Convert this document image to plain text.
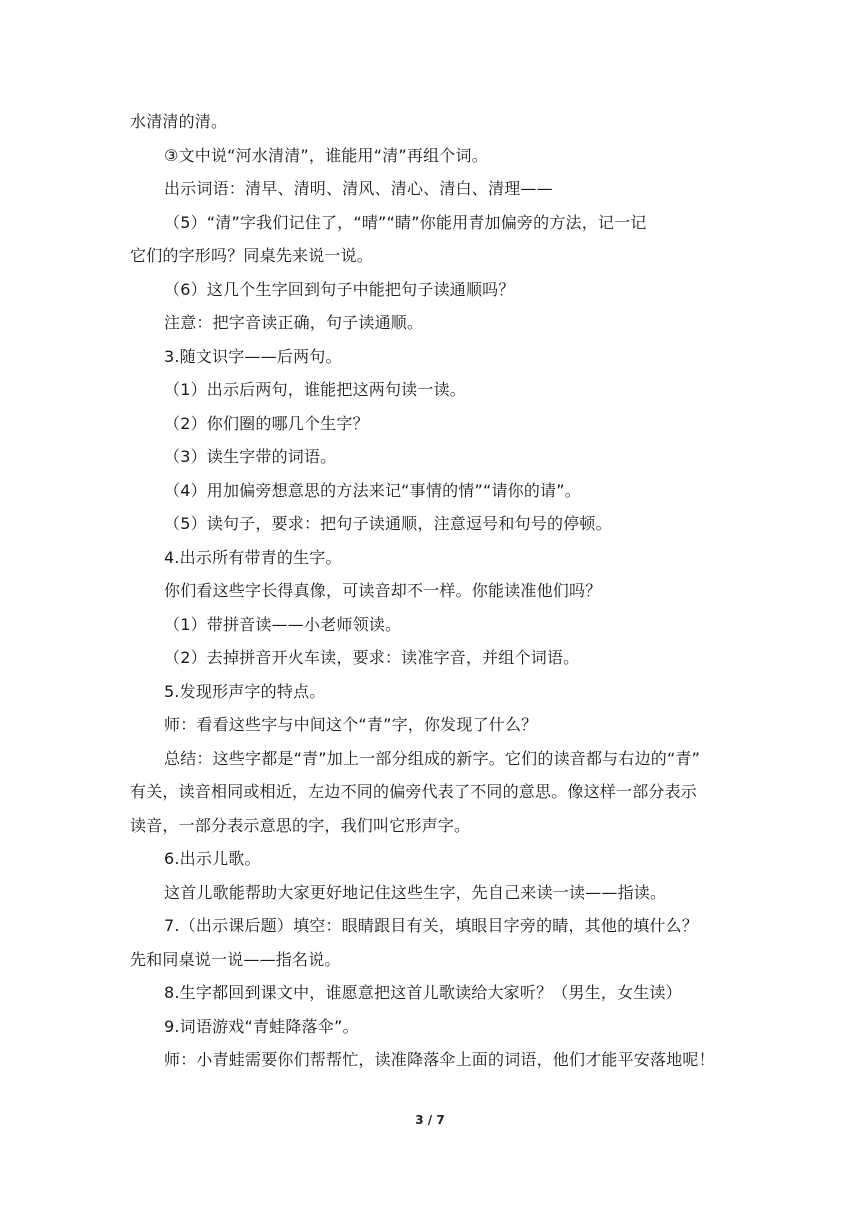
水清清的清。
③文中说“河水清清”，谁能用“清”再组个词。
出示词语：清早、清明、清风、清心、清白、清理——
（5）“清”字我们记住了，“晴”“睛”你能用青加偏旁的方法，记一记
它们的字形吗？同桌先来说一说。
（6）这几个生字回到句子中能把句子读通顺吗？
注意：把字音读正确，句子读通顺。
3.随文识字——后两句。
（1）出示后两句，谁能把这两句读一读。
（2）你们圈的哪几个生字？
（3）读生字带的词语。
（4）用加偏旁想意思的方法来记“事情的情”“请你的请”。
（5）读句子，要求：把句子读通顺，注意逗号和句号的停顿。
4.出示所有带青的生字。
你们看这些字长得真像，可读音却不一样。你能读准他们吗？
（1）带拼音读——小老师领读。
（2）去掉拼音开火车读，要求：读准字音，并组个词语。
5.发现形声字的特点。
师：看看这些字与中间这个“青”字，你发现了什么？
总结：这些字都是“青”加上一部分组成的新字。它们的读音都与右边的“青”
有关，读音相同或相近，左边不同的偏旁代表了不同的意思。像这样一部分表示
读音，一部分表示意思的字，我们叫它形声字。
6.出示儿歌。
这首儿歌能帮助大家更好地记住这些生字，先自己来读一读——指读。
7.（出示课后题）填空：眼睛跟目有关，填眼目字旁的睛，其他的填什么？
先和同桌说一说——指名说。
8.生字都回到课文中，谁愿意把这首儿歌读给大家听？（男生，女生读）
9.词语游戏“青蛙降落伞”。
师：小青蛙需要你们帮帮忙，读准降落伞上面的词语，他们才能平安落地呢！
3 / 7
